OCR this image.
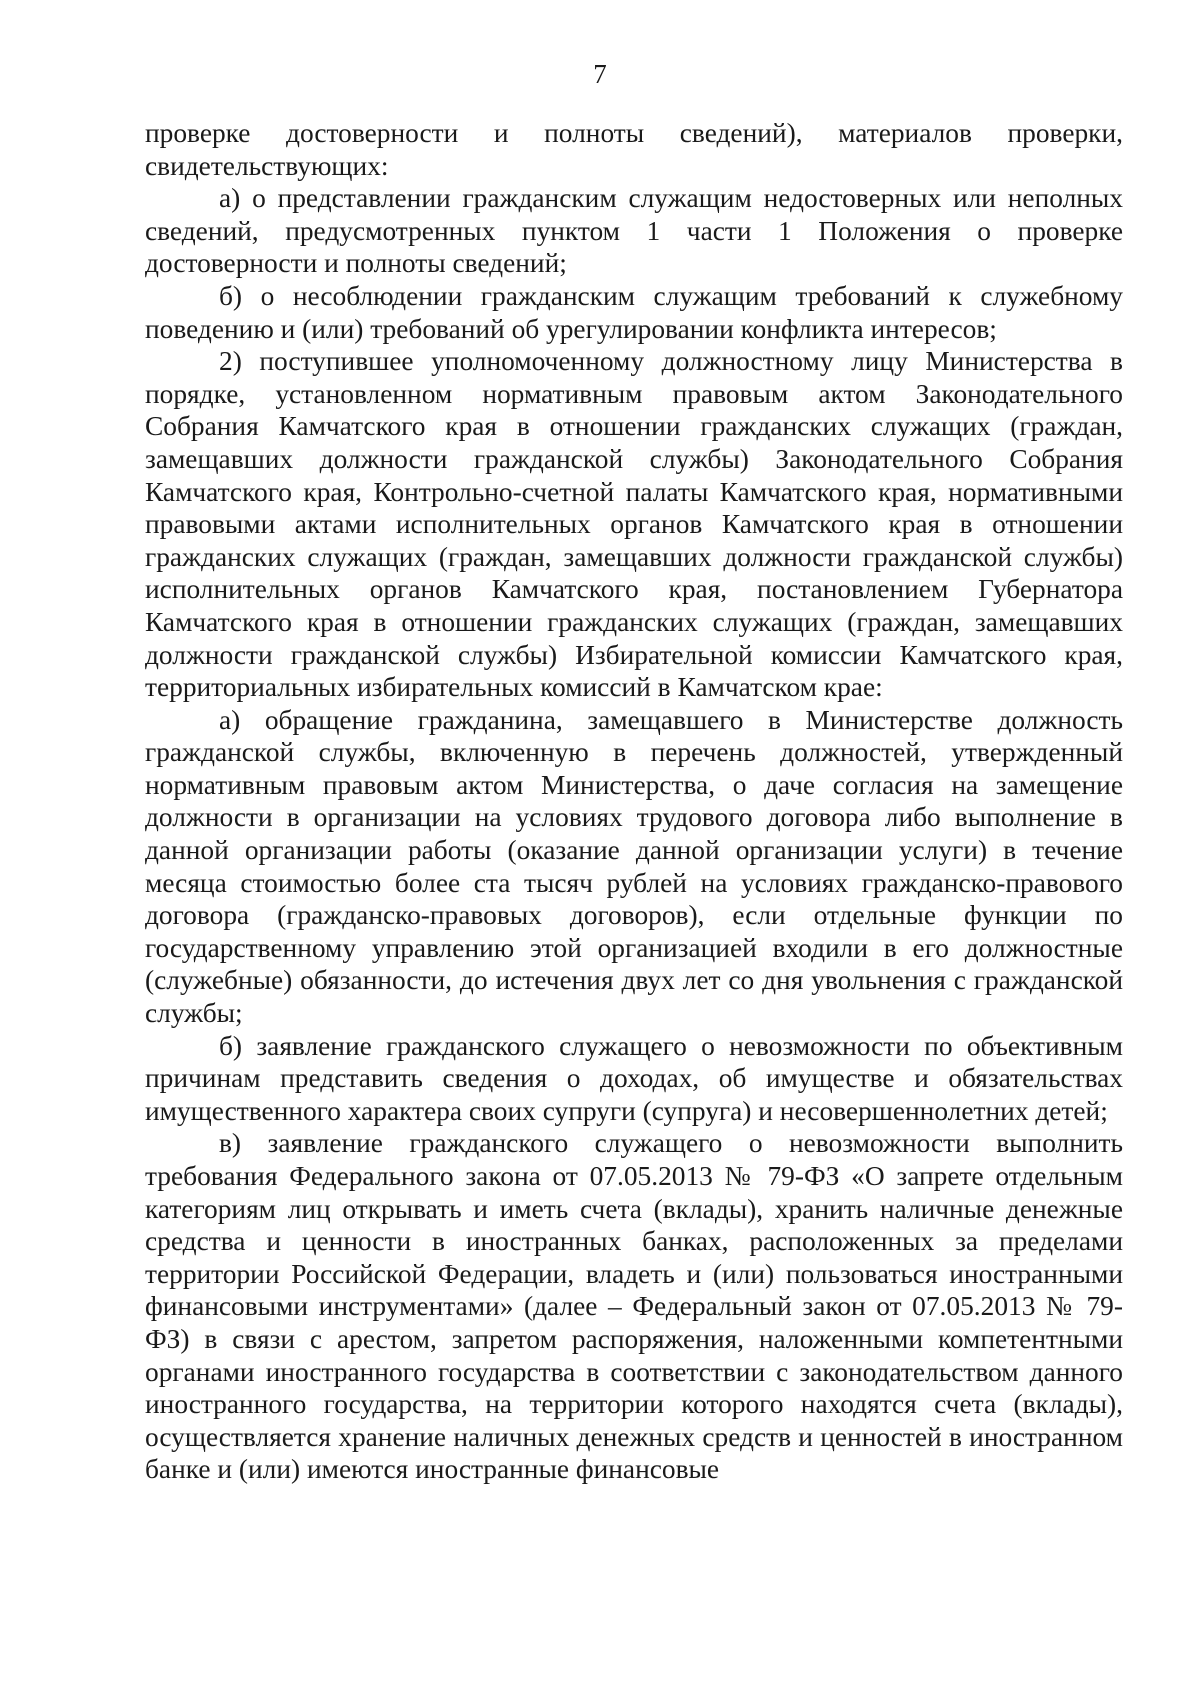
7

проверке достоверности и полноты сведений), материалов проверки, свидетельствующих:

а) о представлении гражданским служащим недостоверных или неполных сведений, предусмотренных пунктом 1 части 1 Положения о проверке достоверности и полноты сведений;

б) о несоблюдении гражданским служащим требований к служебному поведению и (или) требований об урегулировании конфликта интересов;

2) поступившее уполномоченному должностному лицу Министерства в порядке, установленном нормативным правовым актом Законодательного Собрания Камчатского края в отношении гражданских служащих (граждан, замещавших должности гражданской службы) Законодательного Собрания Камчатского края, Контрольно-счетной палаты Камчатского края, нормативными правовыми актами исполнительных органов Камчатского края в отношении гражданских служащих (граждан, замещавших должности гражданской службы) исполнительных органов Камчатского края, постановлением Губернатора Камчатского края в отношении гражданских служащих (граждан, замещавших должности гражданской службы) Избирательной комиссии Камчатского края, территориальных избирательных комиссий в Камчатском крае:

а) обращение гражданина, замещавшего в Министерстве должность гражданской службы, включенную в перечень должностей, утвержденный нормативным правовым актом Министерства, о даче согласия на замещение должности в организации на условиях трудового договора либо выполнение в данной организации работы (оказание данной организации услуги) в течение месяца стоимостью более ста тысяч рублей на условиях гражданско-правового договора (гражданско-правовых договоров), если отдельные функции по государственному управлению этой организацией входили в его должностные (служебные) обязанности, до истечения двух лет со дня увольнения с гражданской службы;

б) заявление гражданского служащего о невозможности по объективным причинам представить сведения о доходах, об имуществе и обязательствах имущественного характера своих супруги (супруга) и несовершеннолетних детей;

в) заявление гражданского служащего о невозможности выполнить требования Федерального закона от 07.05.2013 № 79-ФЗ «О запрете отдельным категориям лиц открывать и иметь счета (вклады), хранить наличные денежные средства и ценности в иностранных банках, расположенных за пределами территории Российской Федерации, владеть и (или) пользоваться иностранными финансовыми инструментами» (далее – Федеральный закон от 07.05.2013 № 79-ФЗ) в связи с арестом, запретом распоряжения, наложенными компетентными органами иностранного государства в соответствии с законодательством данного иностранного государства, на территории которого находятся счета (вклады), осуществляется хранение наличных денежных средств и ценностей в иностранном банке и (или) имеются иностранные финансовые
